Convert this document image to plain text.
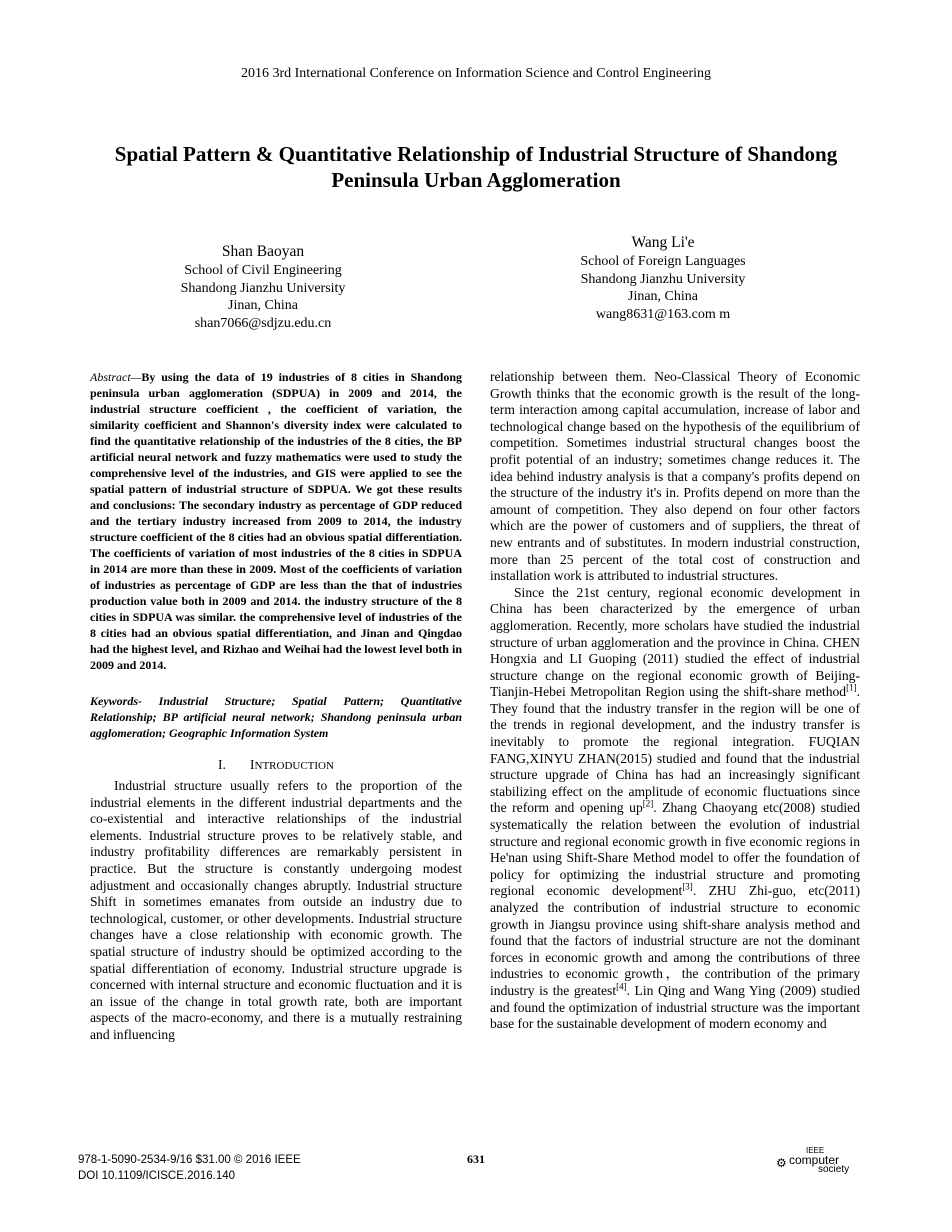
2016 3rd International Conference on Information Science and Control Engineering
Spatial Pattern & Quantitative Relationship of Industrial Structure of Shandong
Peninsula Urban Agglomeration
Shan Baoyan
School of Civil Engineering
Shandong Jianzhu University
Jinan, China
shan7066@sdjzu.edu.cn
Wang Li'e
School of Foreign Languages
Shandong Jianzhu University
Jinan, China
wang8631@163.com m

Abstract—By using the data of 19 industries of 8 cities in Shandong peninsula urban agglomeration (SDPUA) in 2009 and 2014, the industrial structure coefficient , the coefficient of variation, the similarity coefficient and Shannon's diversity index were calculated to find the quantitative relationship of the industries of the 8 cities, the BP artificial neural network and fuzzy mathematics were used to study the comprehensive level of the industries, and GIS were applied to see the spatial pattern of industrial structure of SDPUA. We got these results and conclusions: The secondary industry as percentage of GDP reduced and the tertiary industry increased from 2009 to 2014, the industry structure coefficient of the 8 cities had an obvious spatial differentiation. The coefficients of variation of most industries of the 8 cities in SDPUA in 2014 are more than these in 2009. Most of the coefficients of variation of industries as percentage of GDP are less than the that of industries production value both in 2009 and 2014. the industry structure of the 8 cities in SDPUA was similar. the comprehensive level of industries of the 8 cities had an obvious spatial differentiation, and Jinan and Qingdao had the highest level, and Rizhao and Weihai had the lowest level both in 2009 and 2014.

Keywords- Industrial Structure; Spatial Pattern; Quantitative Relationship; BP artificial neural network; Shandong peninsula urban agglomeration; Geographic Information System

I. INTRODUCTION

Industrial structure usually refers to the proportion of the industrial elements in the different industrial departments and the co-existential and interactive relationships of the industrial elements. Industrial structure proves to be relatively stable, and industry profitability differences are remarkably persistent in practice. But the structure is constantly undergoing modest adjustment and occasionally changes abruptly. Industrial structure Shift in sometimes emanates from outside an industry due to technological, customer, or other developments. Industrial structure changes have a close relationship with economic growth. The spatial structure of industry should be optimized according to the spatial differentiation of economy. Industrial structure upgrade is concerned with internal structure and economic fluctuation and it is an issue of the change in total growth rate, both are important aspects of the macro-economy, and there is a mutually restraining and influencing

relationship between them. Neo-Classical Theory of Economic Growth thinks that the economic growth is the result of the long-term interaction among capital accumulation, increase of labor and technological change based on the hypothesis of the equilibrium of competition. Sometimes industrial structural changes boost the profit potential of an industry; sometimes change reduces it. The idea behind industry analysis is that a company's profits depend on the structure of the industry it's in. Profits depend on more than the amount of competition. They also depend on four other factors which are the power of customers and of suppliers, the threat of new entrants and of substitutes. In modern industrial construction, more than 25 percent of the total cost of construction and installation work is attributed to industrial structures.

Since the 21st century, regional economic development in China has been characterized by the emergence of urban agglomeration. Recently, more scholars have studied the industrial structure of urban agglomeration and the province in China. CHEN Hongxia and LI Guoping (2011) studied the effect of industrial structure change on the regional economic growth of Beijing-Tianjin-Hebei Metropolitan Region using the shift-share method[1]. They found that the industry transfer in the region will be one of the trends in regional development, and the industry transfer is inevitably to promote the regional integration. FUQIAN FANG,XINYU ZHAN(2015) studied and found that the industrial structure upgrade of China has had an increasingly significant stabilizing effect on the amplitude of economic fluctuations since the reform and opening up[2]. Zhang Chaoyang etc(2008) studied systematically the relation between the evolution of industrial structure and regional economic growth in five economic regions in He'nan using Shift-Share Method model to offer the foundation of policy for optimizing the industrial structure and promoting regional economic development[3]. ZHU Zhi-guo, etc(2011) analyzed the contribution of industrial structure to economic growth in Jiangsu province using shift-share analysis method and found that the factors of industrial structure are not the dominant forces in economic growth and among the contributions of three industries to economic growth，the contribution of the primary industry is the greatest[4]. Lin Qing and Wang Ying (2009) studied and found the optimization of industrial structure was the important base for the sustainable development of modern economy and

978-1-5090-2534-9/16 $31.00 © 2016 IEEE
DOI 10.1109/ICISCE.2016.140
631	⚙
IEEE
computer
society
